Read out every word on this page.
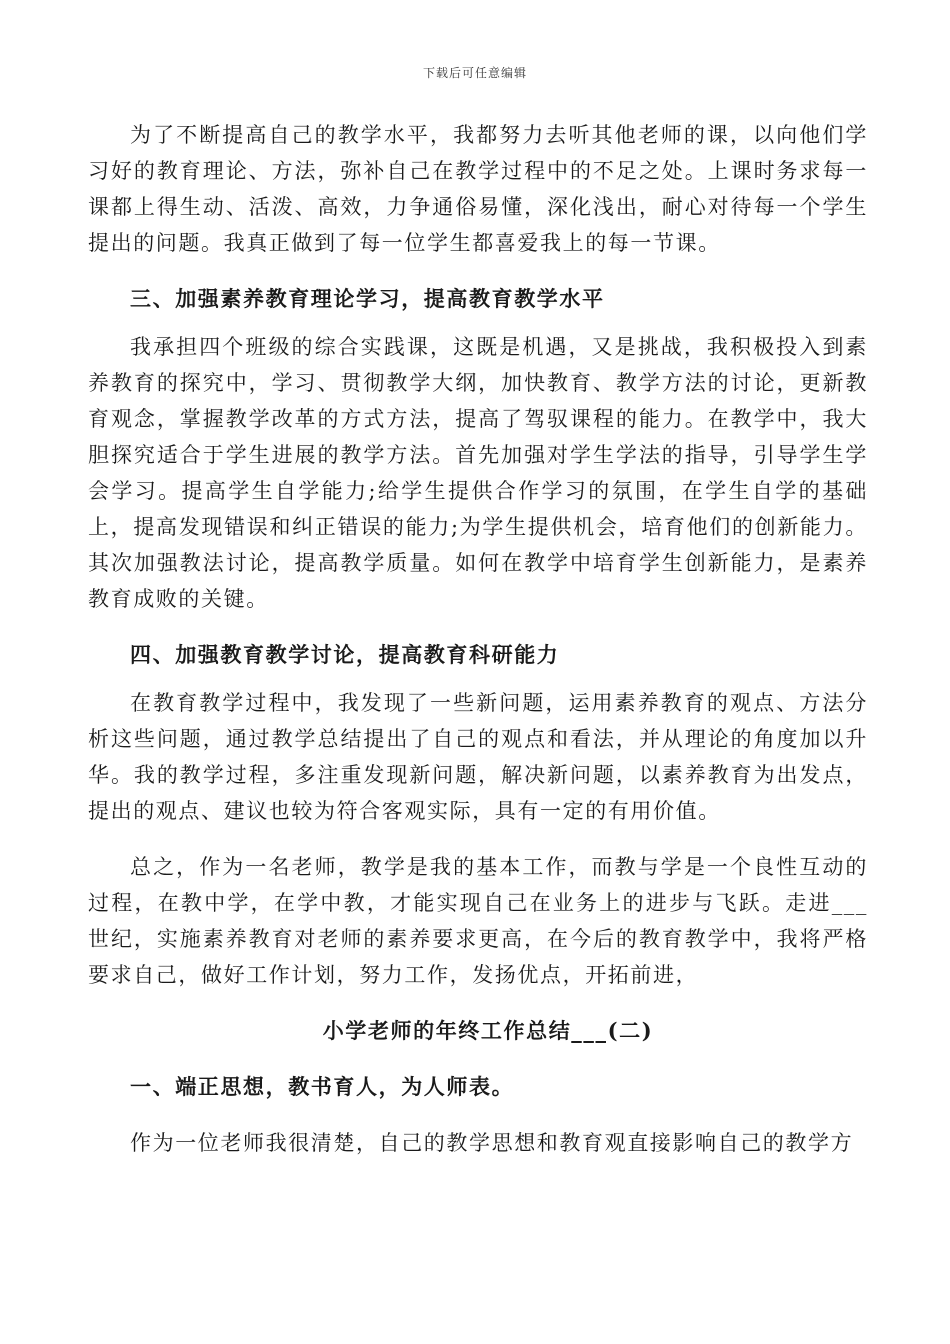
下载后可任意编辑

为了不断提高自己的教学水平，我都努力去听其他老师的课，以向他们学习好的教育理论、方法，弥补自己在教学过程中的不足之处。上课时务求每一课都上得生动、活泼、高效，力争通俗易懂，深化浅出，耐心对待每一个学生提出的问题。我真正做到了每一位学生都喜爱我上的每一节课。

三、加强素养教育理论学习，提高教育教学水平

我承担四个班级的综合实践课，这既是机遇，又是挑战，我积极投入到素养教育的探究中，学习、贯彻教学大纲，加快教育、教学方法的讨论，更新教育观念，掌握教学改革的方式方法，提高了驾驭课程的能力。在教学中，我大胆探究适合于学生进展的教学方法。首先加强对学生学法的指导，引导学生学会学习。提高学生自学能力;给学生提供合作学习的氛围，在学生自学的基础上，提高发现错误和纠正错误的能力;为学生提供机会，培育他们的创新能力。其次加强教法讨论，提高教学质量。如何在教学中培育学生创新能力，是素养教育成败的关键。

四、加强教育教学讨论，提高教育科研能力

在教育教学过程中，我发现了一些新问题，运用素养教育的观点、方法分析这些问题，通过教学总结提出了自己的观点和看法，并从理论的角度加以升华。我的教学过程，多注重发现新问题，解决新问题，以素养教育为出发点，提出的观点、建议也较为符合客观实际，具有一定的有用价值。

总之，作为一名老师，教学是我的基本工作，而教与学是一个良性互动的过程，在教中学，在学中教，才能实现自己在业务上的进步与飞跃。走进___世纪，实施素养教育对老师的素养要求更高，在今后的教育教学中，我将严格要求自己，做好工作计划，努力工作，发扬优点，开拓前进，

小学老师的年终工作总结___(二)

一、端正思想，教书育人，为人师表。

作为一位老师我很清楚，自己的教学思想和教育观直接影响自己的教学方
